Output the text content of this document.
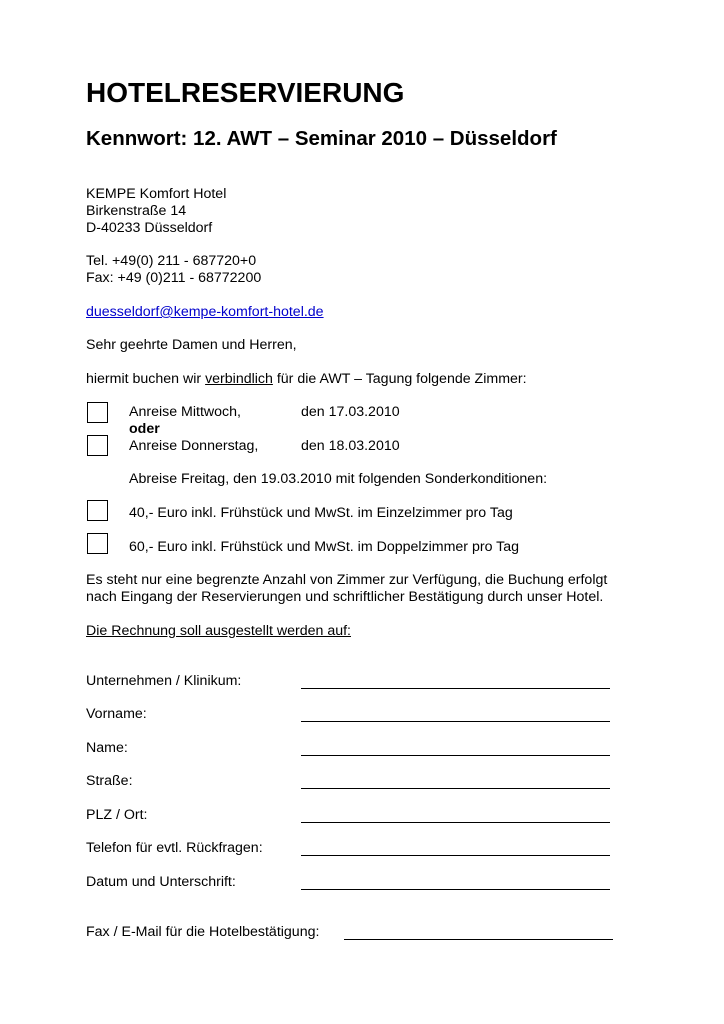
HOTELRESERVIERUNG
Kennwort: 12. AWT – Seminar 2010 – Düsseldorf
KEMPE Komfort Hotel
Birkenstraße 14
D-40233 Düsseldorf
Tel. +49(0) 211 - 687720+0
Fax: +49 (0)211 - 68772200
duesseldorf@kempe-komfort-hotel.de
Sehr geehrte Damen und Herren,
hiermit buchen wir verbindlich für die AWT – Tagung folgende Zimmer:
Anreise Mittwoch,	den 17.03.2010
oder
Anreise Donnerstag,	den 18.03.2010
Abreise Freitag, den 19.03.2010 mit folgenden Sonderkonditionen:
40,- Euro inkl. Frühstück und MwSt. im Einzelzimmer pro Tag
60,- Euro inkl. Frühstück und MwSt. im Doppelzimmer pro Tag
Es steht nur eine begrenzte Anzahl von Zimmer zur Verfügung, die Buchung erfolgt
nach Eingang der Reservierungen und schriftlicher Bestätigung durch unser Hotel.
Die Rechnung soll ausgestellt werden auf:
Unternehmen / Klinikum:
Vorname:
Name:
Straße:
PLZ / Ort:
Telefon für evtl. Rückfragen:
Datum und Unterschrift:
Fax / E-Mail für die Hotelbestätigung:
